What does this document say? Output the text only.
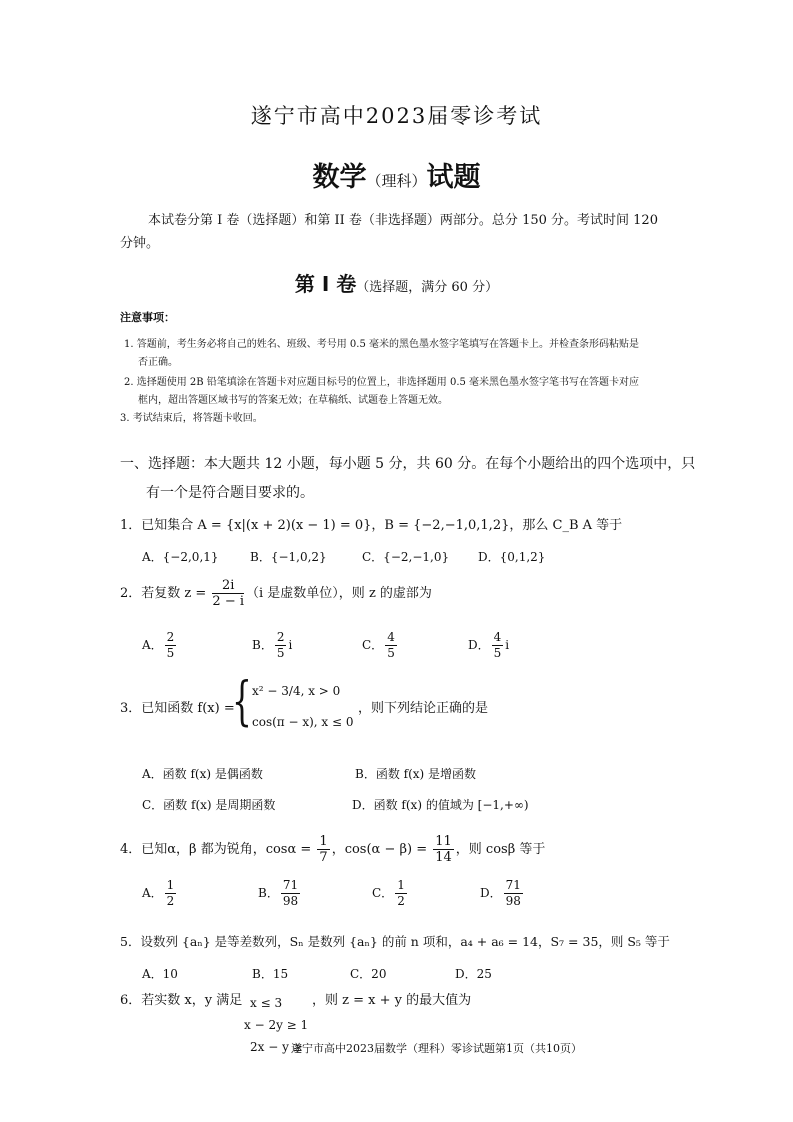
遂宁市高中2023届零诊考试
数学（理科）试题
本试卷分第 I 卷（选择题）和第 II 卷（非选择题）两部分。总分 150 分。考试时间 120
分钟。
第 Ⅰ 卷（选择题，满分 60 分）
注意事项：
1. 答题前，考生务必将自己的姓名、班级、考号用 0.5 毫米的黑色墨水签字笔填写在答题卡上。并检查条形码粘贴是
否正确。
2. 选择题使用 2B 铅笔填涂在答题卡对应题目标号的位置上，非选择题用 0.5 毫米黑色墨水签字笔书写在答题卡对应
框内，超出答题区域书写的答案无效；在草稿纸、试题卷上答题无效。
3. 考试结束后，将答题卡收回。
一、选择题：本大题共 12 小题，每小题 5 分，共 60 分。在每个小题给出的四个选项中，只
有一个是符合题目要求的。
1．已知集合 A = {x|(x + 2)(x − 1) = 0}，B = {−2,−1,0,1,2}，那么 C_B A 等于
A．{−2,0,1}	B．{−1,0,2}	C．{−2,−1,0} D．{0,1,2}
2．若复数 $z = \frac{2i}{2 - i} (i$ 是虚数单位），则 z 的虚部为
A． $\frac{2}{5}$	B． $\frac{2}{5}$ i	C． $\frac{4}{5}$	D． $\frac{4}{5}$ i
3．已知函数 f(x) =
{ x² − 3/4, x > 0
cos(π − x), x ≤ 0
，则下列结论正确的是
A．函数 f(x) 是偶函数	B．函数 f(x) 是增函数
C．函数 f(x) 是周期函数	D．函数 f(x) 的值域为 [−1,+∞)
4．已知α，β 都为锐角，$\cos\alpha = \frac{1}{7}$ ，$\cos(\alpha - \beta) = \frac{11}{14}$ ，则 cosβ 等于
A． $\frac{1}{2}$	B． $\frac{71}{98}$	C． $\frac{1}{2}$	D． $\frac{71}{98}$
5．设数列 {aₙ} 是等差数列，Sₙ 是数列 {aₙ} 的前 n 项和，a₄ + a₆ = 14，S₇ = 35，则 S₅ 等于
A．10	B．15	C．20	D．25
6．若实数 x，y 满足 x ≤ 3
x − 2y ≥ 1
2x − y ≥
，则 z = x + y 的最大值为
遂宁市高中2023届数学（理科）零诊试题第1页（共10页）
